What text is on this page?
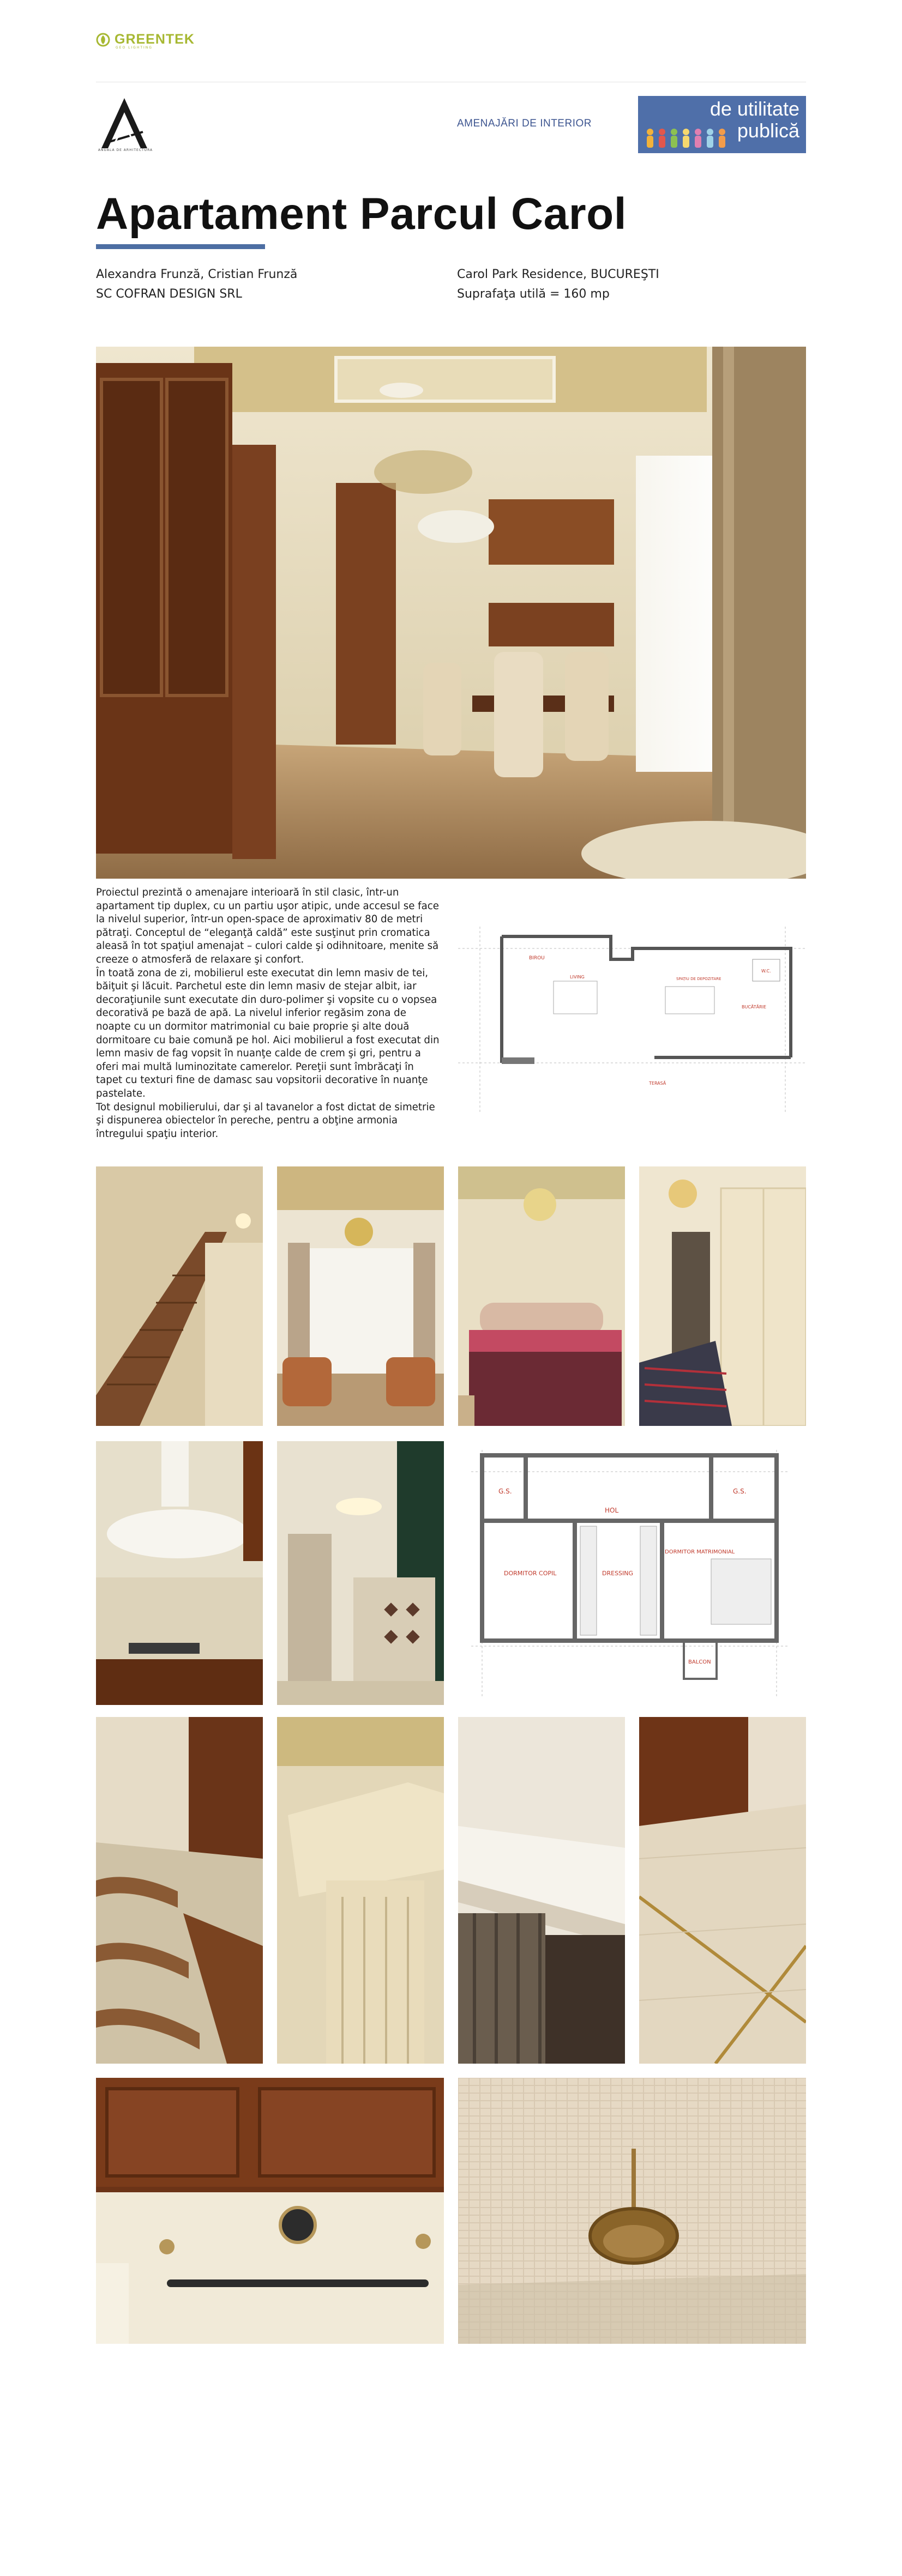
GREENTEK
GEO LIGHTING
ANUALA DE ARHITECTURA
AMENAJĂRI DE INTERIOR
de utilitate
publică
Apartament Parcul Carol
Alexandra Frunză, Cristian Frunză
SC COFRAN DESIGN SRL
Carol Park Residence, BUCUREŞTI
Suprafaţa utilă = 160 mp

Proiectul prezintă o amenajare interioară în stil clasic, într-un apartament tip duplex, cu un partiu uşor atipic, unde accesul se face la nivelul superior, într-un open-space de aproximativ 80 de metri pătraţi. Conceptul de “eleganţă caldă” este susţinut prin cromatica aleasă în tot spaţiul amenajat – culori calde şi odihnitoare, menite să creeze o atmosferă de relaxare şi confort.

În toată zona de zi, mobilierul este executat din lemn masiv de tei, băiţuit şi lăcuit. Parchetul este din lemn masiv de stejar albit, iar decoraţiunile sunt executate din duro-polimer şi vopsite cu o vopsea decorativă pe bază de apă. La nivelul inferior regăsim zona de noapte cu un dormitor matrimonial cu baie proprie şi alte două dormitoare cu baie comună pe hol. Aici mobilierul a fost executat din lemn masiv de fag vopsit în nuanţe calde de crem şi gri, pentru a oferi mai multă luminozitate camerelor. Pereţii sunt îmbrăcaţi în tapet cu texturi fine de damasc sau vopsitorii decorative în nuanţe pastelate.

Tot designul mobilierului, dar şi al tavanelor a fost dictat de simetrie şi dispunerea obiectelor în pereche, pentru a obţine armonia întregului spaţiu interior.

BIROU
LIVING	SPAȚIU DE DEPOZITARE
W.C.
BUCĂTĂRIE
TERASĂ
G.S.
HOL
G.S.
DORMITOR COPIL	DRESSING
DORMITOR MATRIMONIAL
BALCON
